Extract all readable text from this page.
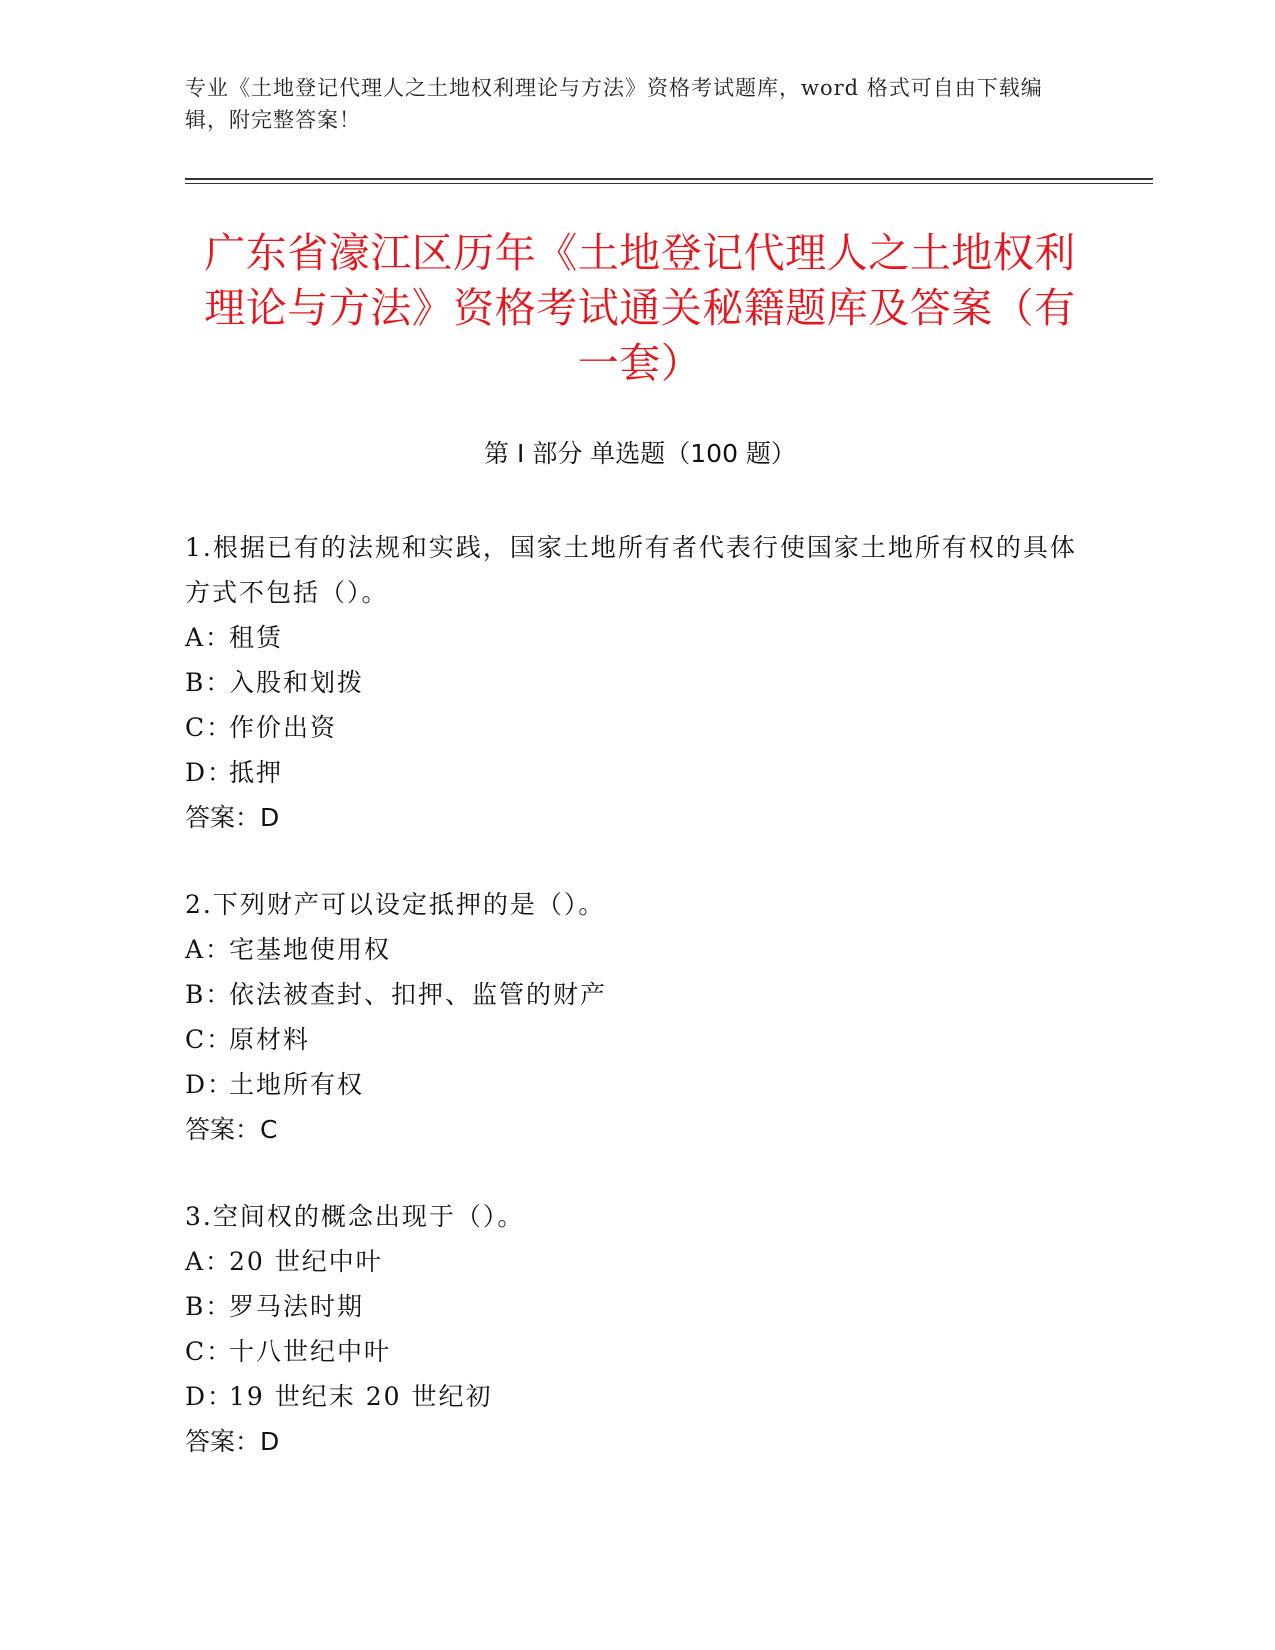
专业《土地登记代理人之土地权利理论与方法》资格考试题库，word 格式可自由下载编辑，附完整答案！
广东省濠江区历年《土地登记代理人之土地权利理论与方法》资格考试通关秘籍题库及答案（有一套）
第 I 部分 单选题（100 题）

1.根据已有的法规和实践，国家土地所有者代表行使国家土地所有权的具体方式不包括（）。

A：
租赁

B：
入股和划拨

C：
作价出资

D：
抵押

答案：D

2.下列财产可以设定抵押的是（）。

A：
宅基地使用权

B：
依法被查封、扣押、监管的财产

C：
原材料

D：
土地所有权

答案：C

3.空间权的概念出现于（）。

A：
20 世纪中叶

B：
罗马法时期

C：
十八世纪中叶

D：
19 世纪末 20 世纪初

答案：D
